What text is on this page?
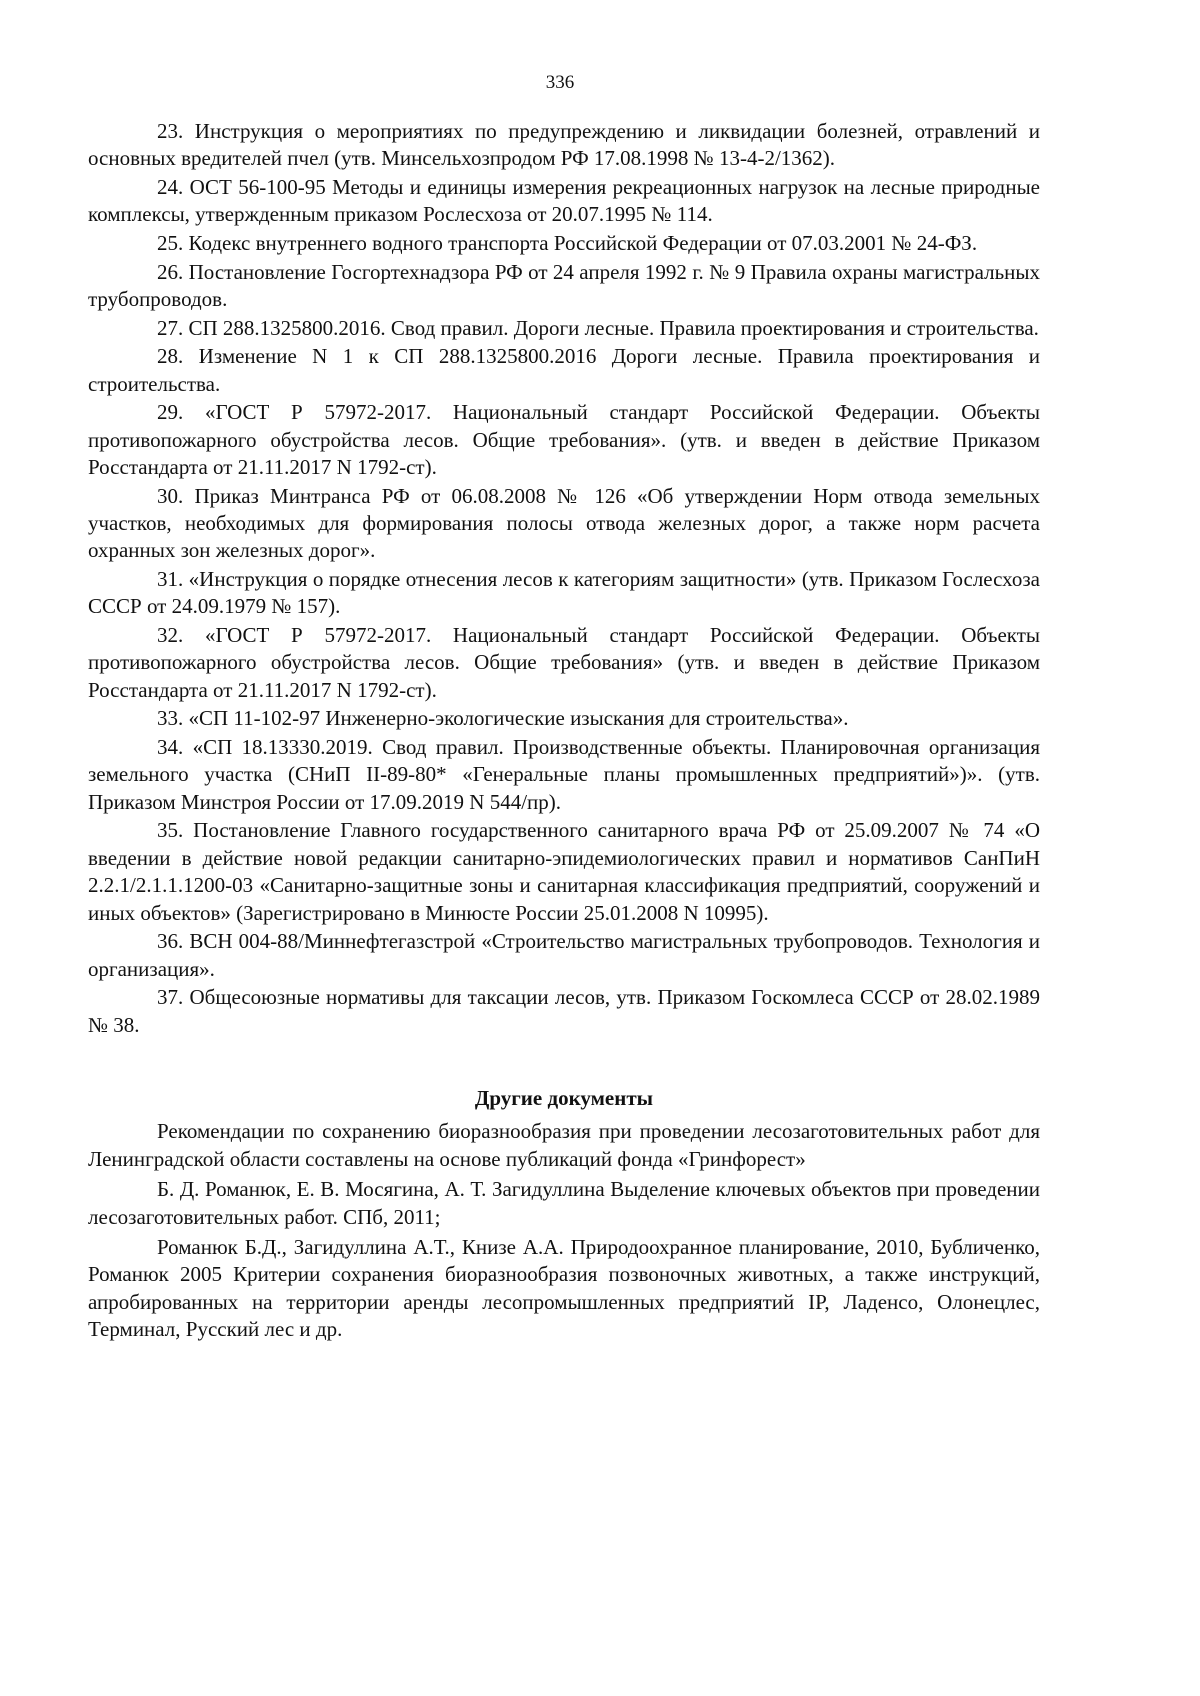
336

23. Инструкция о мероприятиях по предупреждению и ликвидации болезней, отравлений и основных вредителей пчел (утв. Минсельхозпродом РФ 17.08.1998 № 13-4-2/1362).

24. ОСТ 56-100-95 Методы и единицы измерения рекреационных нагрузок на лесные природные комплексы, утвержденным приказом Рослесхоза от 20.07.1995 № 114.

25. Кодекс внутреннего водного транспорта Российской Федерации от 07.03.2001 № 24-ФЗ.

26. Постановление Госгортехнадзора РФ от 24 апреля 1992 г. № 9 Правила охраны магистральных трубопроводов.

27. СП 288.1325800.2016. Свод правил. Дороги лесные. Правила проектирования и строительства.

28. Изменение N 1 к СП 288.1325800.2016 Дороги лесные. Правила проектирования и строительства.

29. «ГОСТ Р 57972-2017. Национальный стандарт Российской Федерации. Объекты противопожарного обустройства лесов. Общие требования». (утв. и введен в действие Приказом Росстандарта от 21.11.2017 N 1792-ст).

30. Приказ Минтранса РФ от 06.08.2008 № 126 «Об утверждении Норм отвода земельных участков, необходимых для формирования полосы отвода железных дорог, а также норм расчета охранных зон железных дорог».

31. «Инструкция о порядке отнесения лесов к категориям защитности» (утв. Приказом Гослесхоза СССР от 24.09.1979 № 157).

32. «ГОСТ Р 57972-2017. Национальный стандарт Российской Федерации. Объекты противопожарного обустройства лесов. Общие требования» (утв. и введен в действие Приказом Росстандарта от 21.11.2017 N 1792-ст).

33. «СП 11-102-97 Инженерно-экологические изыскания для строительства».

34. «СП 18.13330.2019. Свод правил. Производственные объекты. Планировочная организация земельного участка (СНиП II-89-80* «Генеральные планы промышленных предприятий»)». (утв. Приказом Минстроя России от 17.09.2019 N 544/пр).

35. Постановление Главного государственного санитарного врача РФ от 25.09.2007 № 74 «О введении в действие новой редакции санитарно-эпидемиологических правил и нормативов СанПиН 2.2.1/2.1.1.1200-03 «Санитарно-защитные зоны и санитарная классификация предприятий, сооружений и иных объектов» (Зарегистрировано в Минюсте России 25.01.2008 N 10995).

36. ВСН 004-88/Миннефтегазстрой «Строительство магистральных трубопроводов. Технология и организация».

37. Общесоюзные нормативы для таксации лесов, утв. Приказом Госкомлеса СССР от 28.02.1989 № 38.

Другие документы

Рекомендации по сохранению биоразнообразия при проведении лесозаготовительных работ для Ленинградской области составлены на основе публикаций фонда «Гринфорест»

Б. Д. Романюк, Е. В. Мосягина, А. Т. Загидуллина Выделение ключевых объектов при проведении лесозаготовительных работ. СПб, 2011;

Романюк Б.Д., Загидуллина А.Т., Книзе А.А. Природоохранное планирование, 2010, Бубличенко, Романюк 2005 Критерии сохранения биоразнообразия позвоночных животных, а также инструкций, апробированных на территории аренды лесопромышленных предприятий IP, Ладенсо, Олонецлес, Терминал, Русский лес и др.
